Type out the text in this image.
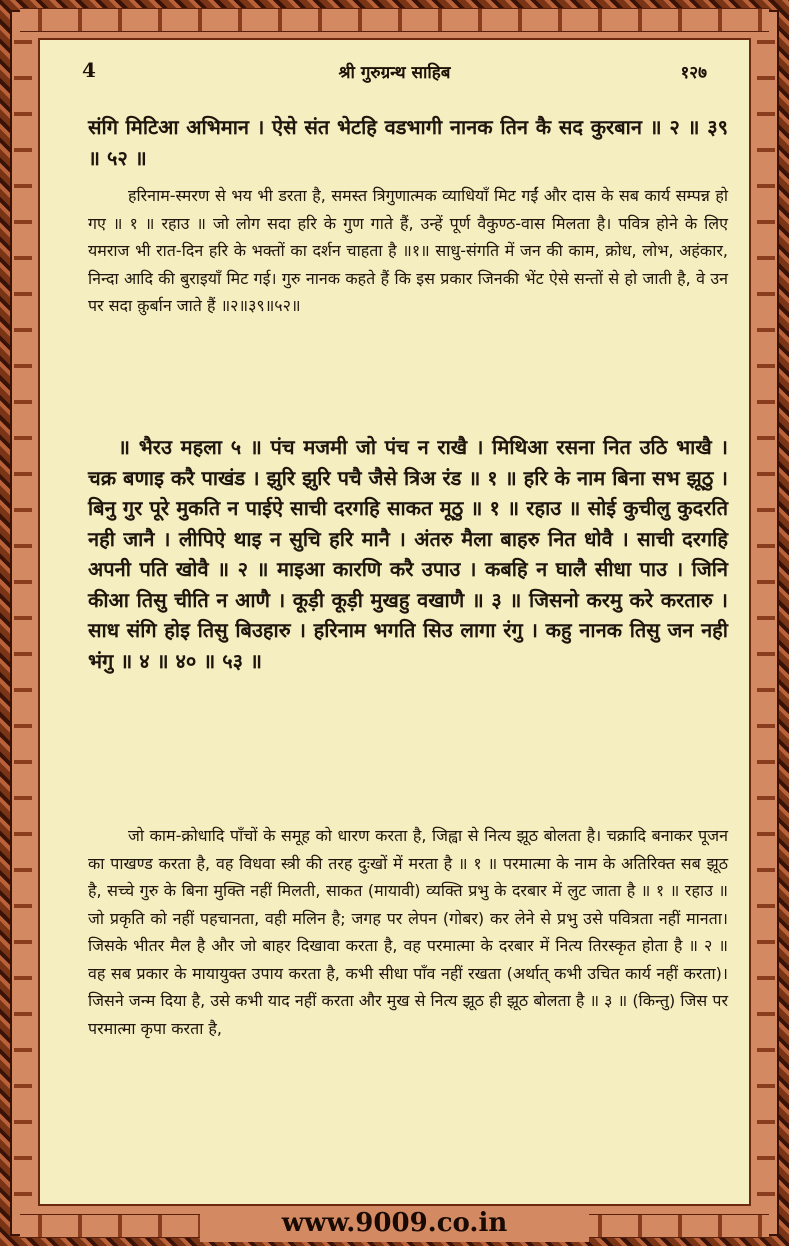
4	श्री गुरुग्रन्थ साहिब	१२७

संगि मिटिआ अभिमान । ऐसे संत भेटहि वडभागी नानक तिन कै सद कुरबान ॥ २ ॥ ३९ ॥ ५२ ॥

हरिनाम-स्मरण से भय भी डरता है, समस्त त्रिगुणात्मक व्याधियाँ मिट गईं और दास के सब कार्य सम्पन्न हो गए ॥ १ ॥ रहाउ ॥ जो लोग सदा हरि के गुण गाते हैं, उन्हें पूर्ण वैकुण्ठ-वास मिलता है। पवित्र होने के लिए यमराज भी रात-दिन हरि के भक्तों का दर्शन चाहता है ॥१॥ साधु-संगति में जन की काम, क्रोध, लोभ, अहंकार, निन्दा आदि की बुराइयाँ मिट गई। गुरु नानक कहते हैं कि इस प्रकार जिनकी भेंट ऐसे सन्तों से हो जाती है, वे उन पर सदा क़ुर्बान जाते हैं ॥२॥३९॥५२॥

॥ भैरउ महला ५ ॥ पंच मजमी जो पंच न राखै । मिथिआ रसना नित उठि भाखै । चक्र बणाइ करै पाखंड । झुरि झुरि पचै जैसे त्रिअ रंड ॥ १ ॥ हरि के नाम बिना सभ झूठु । बिनु गुर पूरे मुकति न पाईऐ साची दरगहि साकत मूठु ॥ १ ॥ रहाउ ॥ सोई कुचीलु कुदरति नही जानै । लीपिऐ थाइ न सुचि हरि मानै । अंतरु मैला बाहरु नित धोवै । साची दरगहि अपनी पति खोवै ॥ २ ॥ माइआ कारणि करै उपाउ । कबहि न घालै सीधा पाउ । जिनि कीआ तिसु चीति न आणै । कूड़ी कूड़ी मुखहु वखाणै ॥ ३ ॥ जिसनो करमु करे करतारु । साध संगि होइ तिसु बिउहारु । हरिनाम भगति सिउ लागा रंगु । कहु नानक तिसु जन नही भंगु ॥ ४ ॥ ४० ॥ ५३ ॥

जो काम-क्रोधादि पाँचों के समूह को धारण करता है, जिह्वा से नित्य झूठ बोलता है। चक्रादि बनाकर पूजन का पाखण्ड करता है, वह विधवा स्त्री की तरह दुःखों में मरता है ॥ १ ॥ परमात्मा के नाम के अतिरिक्त सब झूठ है, सच्चे गुरु के बिना मुक्ति नहीं मिलती, साकत (मायावी) व्यक्ति प्रभु के दरबार में लुट जाता है ॥ १ ॥ रहाउ ॥ जो प्रकृति को नहीं पहचानता, वही मलिन है; जगह पर लेपन (गोबर) कर लेने से प्रभु उसे पवित्रता नहीं मानता। जिसके भीतर मैल है और जो बाहर दिखावा करता है, वह परमात्मा के दरबार में नित्य तिरस्कृत होता है ॥ २ ॥ वह सब प्रकार के मायायुक्त उपाय करता है, कभी सीधा पाँव नहीं रखता (अर्थात् कभी उचित कार्य नहीं करता)। जिसने जन्म दिया है, उसे कभी याद नहीं करता और मुख से नित्य झूठ ही झूठ बोलता है ॥ ३ ॥ (किन्तु) जिस पर परमात्मा कृपा करता है,

www.9009.co.in
